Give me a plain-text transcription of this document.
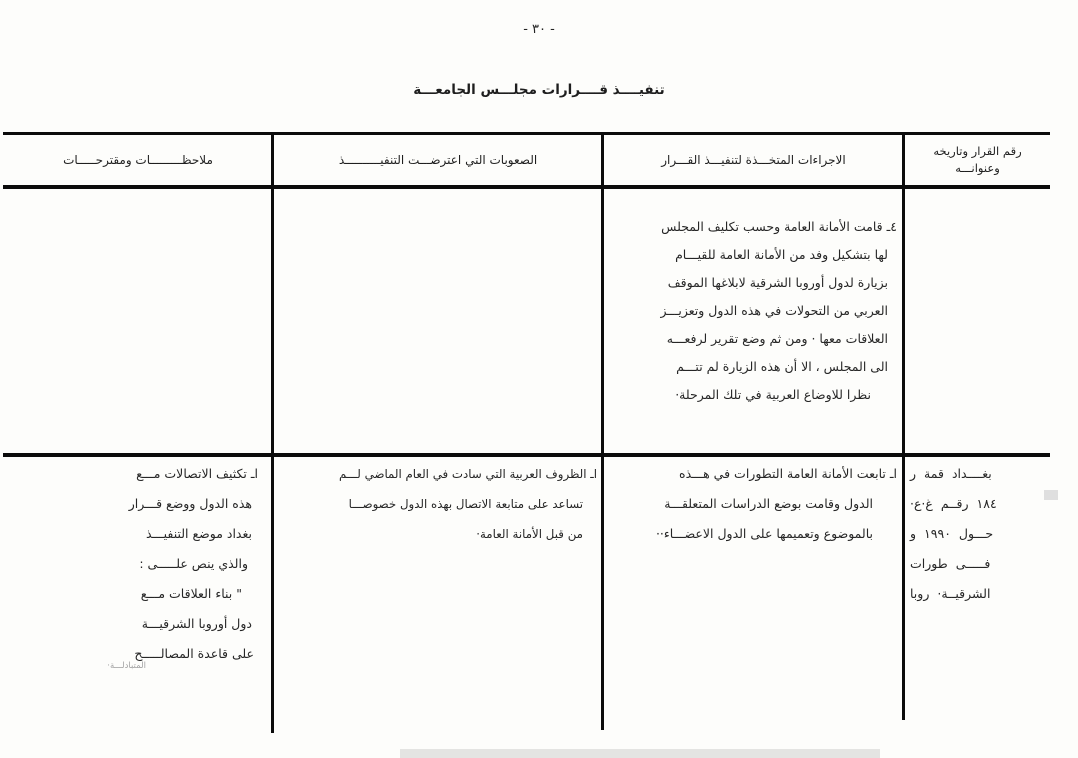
- ٣٠ -
تنفيــــذ قــــرارات مجلـــس الجامعـــة
رقم القرار وتاريخه
وعنوانـــه
الاجراءات المتخـــذة لتنفيـــذ القـــرار
الصعوبات التي اعترضـــت التنفيــــــــــذ
ملاحظـــــــــات ومقترحـــــات
٤ـ قامت الأمانة العامة وحسب تكليف المجلس
لها بتشكيل وفد من الأمانة العامة للقيـــام
بزيارة لدول أوروبا الشرقية لابلاغها الموقف
العربي من التحولات في هذه الدول وتعزيـــز
العلاقات معها · ومن ثم وضع تقرير لرفعـــه
الى المجلس ، الا أن هذه الزيارة لم تتـــم
نظرا للاوضاع العربية في تلك المرحلة·
ر قمة بغــــداد
غ·ع· رقــم ١٨٤
و ١٩٩٠ حـــول
طورات فـــــى
روبا الشرقيــة·
اـ تابعت الأمانة العامة التطورات في هـــذه
الدول وقامت بوضع الدراسات المتعلقـــة
بالموضوع وتعميمها على الدول الاعضـــاء··
اـ الظروف العربية التي سادت في العام الماضي لـــم
تساعد على متابعة الاتصال بهذه الدول خصوصـــا
من قبل الأمانة العامة·
اـ تكثيف الاتصالات مـــع
هذه الدول ووضع قـــرار
بغداد موضع التنفيـــذ
والذي ينص علـــــى :
" بناء العلاقات مـــع
دول أوروبا الشرقيـــة
على قاعدة المصالـــــح
المتبادلـــة·
